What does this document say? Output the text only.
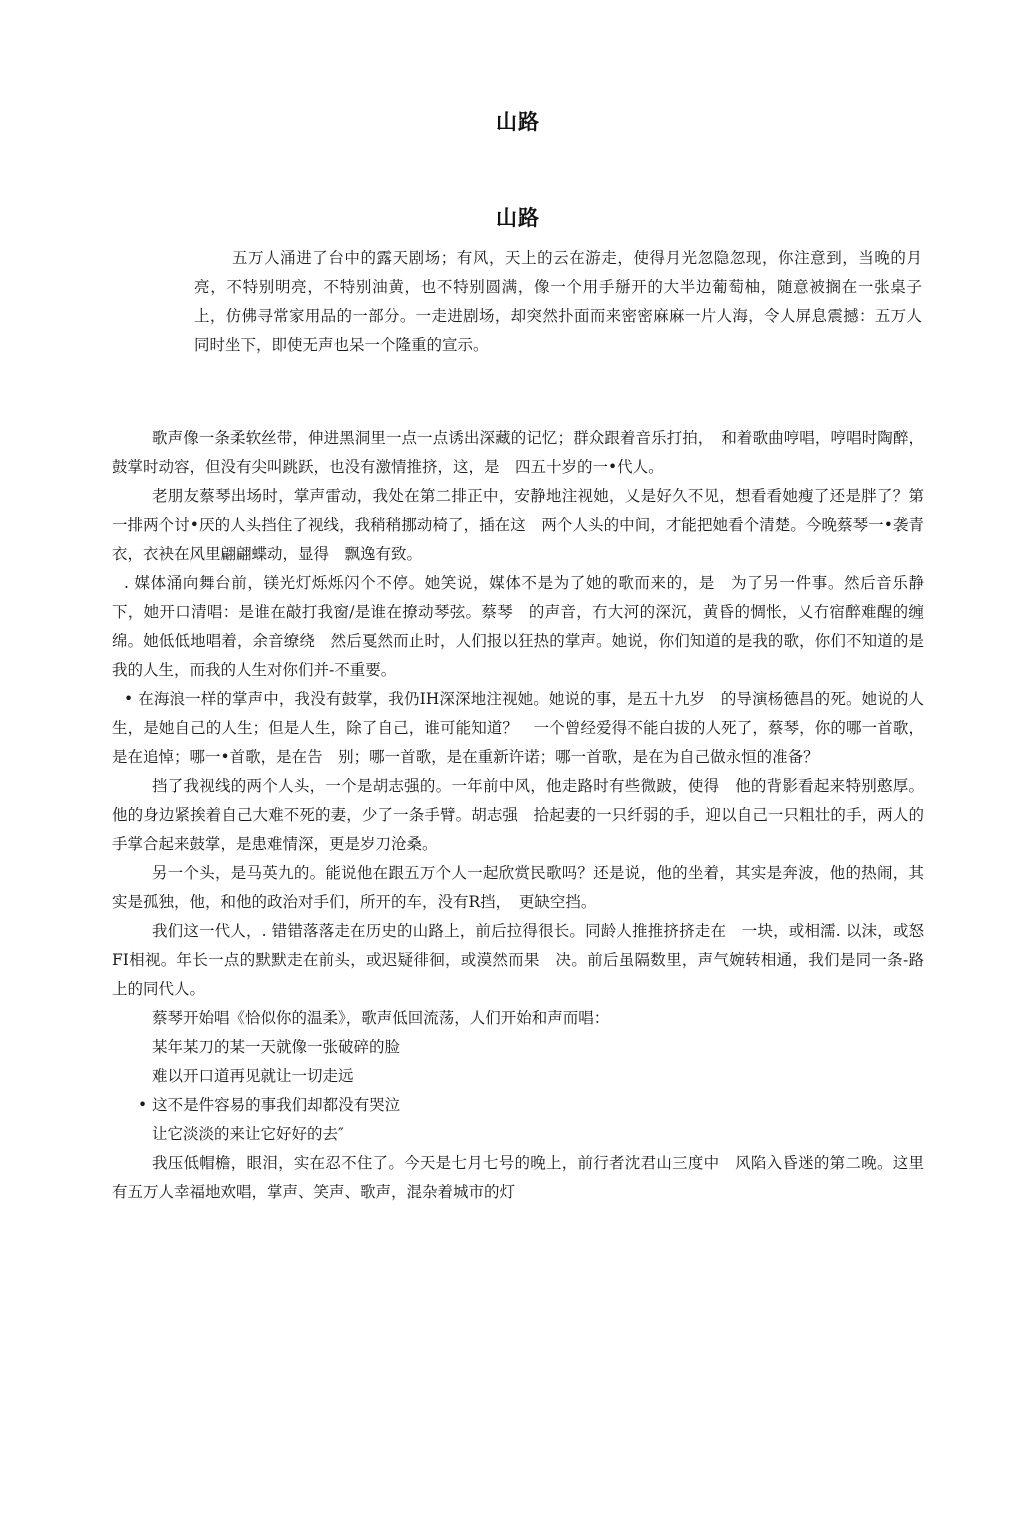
山路
山路

五万人涌进了台中的露天剧场；有风，天上的云在游走，使得月光忽隐忽现，你注意到，当晚的月亮，不特别明亮，不特别油黄，也不特别圆满，像一个用手掰开的大半边葡萄柚，随意被搁在一张桌子上，仿佛寻常家用品的一部分。一走进剧场，却突然扑面而来密密麻麻一片人海，令人屏息震撼：五万人同时坐下，即使无声也呆一个隆重的宣示。

歌声像一条柔软丝带，伸进黑洞里一点一点诱出深藏的记忆；群众跟着音乐打拍，　和着歌曲哼唱，哼唱时陶醉，鼓掌时动容，但没有尖叫跳跃，也没有激情推挤，这，是　四五十岁的一•代人。

老朋友蔡琴出场时，掌声雷动，我处在第二排正中，安静地注视她，乂是好久不见，想看看她瘦了还是胖了？第一排两个讨•厌的人头挡住了视线，我稍稍挪动椅了，插在这　两个人头的中间，才能把她看个清楚。今晚蔡琴一•袭青衣，衣袂在风里翩翩蝶动，显得　飘逸有致。

. 媒体涌向舞台前，镁光灯烁烁闪个不停。她笑说，媒体不是为了她的歌而来的，是　为了另一件事。然后音乐静下，她开口清唱：是谁在敲打我窗/是谁在撩动琴弦。蔡琴　的声音，冇大河的深沉，黄昏的惆怅，乂冇宿醉难醒的缠绵。她低低地唱着，余音缭绕　然后戛然而止时，人们报以狂热的掌声。她说，你们知道的是我的歌，你们不知道的是　我的人生，而我的人生对你们并-不重要。

• 在海浪一样的掌声中，我没有鼓掌，我仍IH深深地注视她。她说的事，是五十九岁　的导演杨德昌的死。她说的人生，是她自己的人生；但是人生，除了自己，谁可能知道？　一个曾经爱得不能白拔的人死了，蔡琴，你的哪一首歌，是在追悼；哪一•首歌，是在告　别；哪一首歌，是在重新许诺；哪一首歌，是在为自己做永恒的准备？

挡了我视线的两个人头，一个是胡志强的。一年前中风，他走路时有些微跛，使得　他的背影看起来特别憨厚。他的身边紧挨着自己大难不死的妻，少了一条手臂。胡志强　拾起妻的一只纤弱的手，迎以自己一只粗壮的手，两人的手掌合起来鼓掌，是患难情深，更是岁刀沧桑。

另一个头，是马英九的。能说他在跟五万个人一起欣赏民歌吗？还是说，他的坐着，其实是奔波，他的热闹，其实是孤独，他，和他的政治对手们，所开的车，没有R挡，　更缺空挡。

我们这一代人，. 错错落落走在历史的山路上，前后拉得很长。同龄人推推挤挤走在　一块，或相濡. 以沫，或怒FI相视。年长一点的默默走在前头，或迟疑徘徊，或漠然而果　决。前后虽隔数里，声气婉转相通，我们是同一条-路上的同代人。

蔡琴开始唱《恰似你的温柔》，歌声低回流荡，人们开始和声而唱：

某年某刀的某一天就像一张破碎的脸

难以开口道再见就让一切走远

• 这不是件容易的事我们却都没有哭泣

让它淡淡的来让它好好的去″

我压低帽檐，眼泪，实在忍不住了。今天是七月七号的晚上，前行者沈君山三度中　风陷入昏迷的第二晚。这里有五万人幸福地欢唱，掌声、笑声、歌声，混杂着城市的灯
